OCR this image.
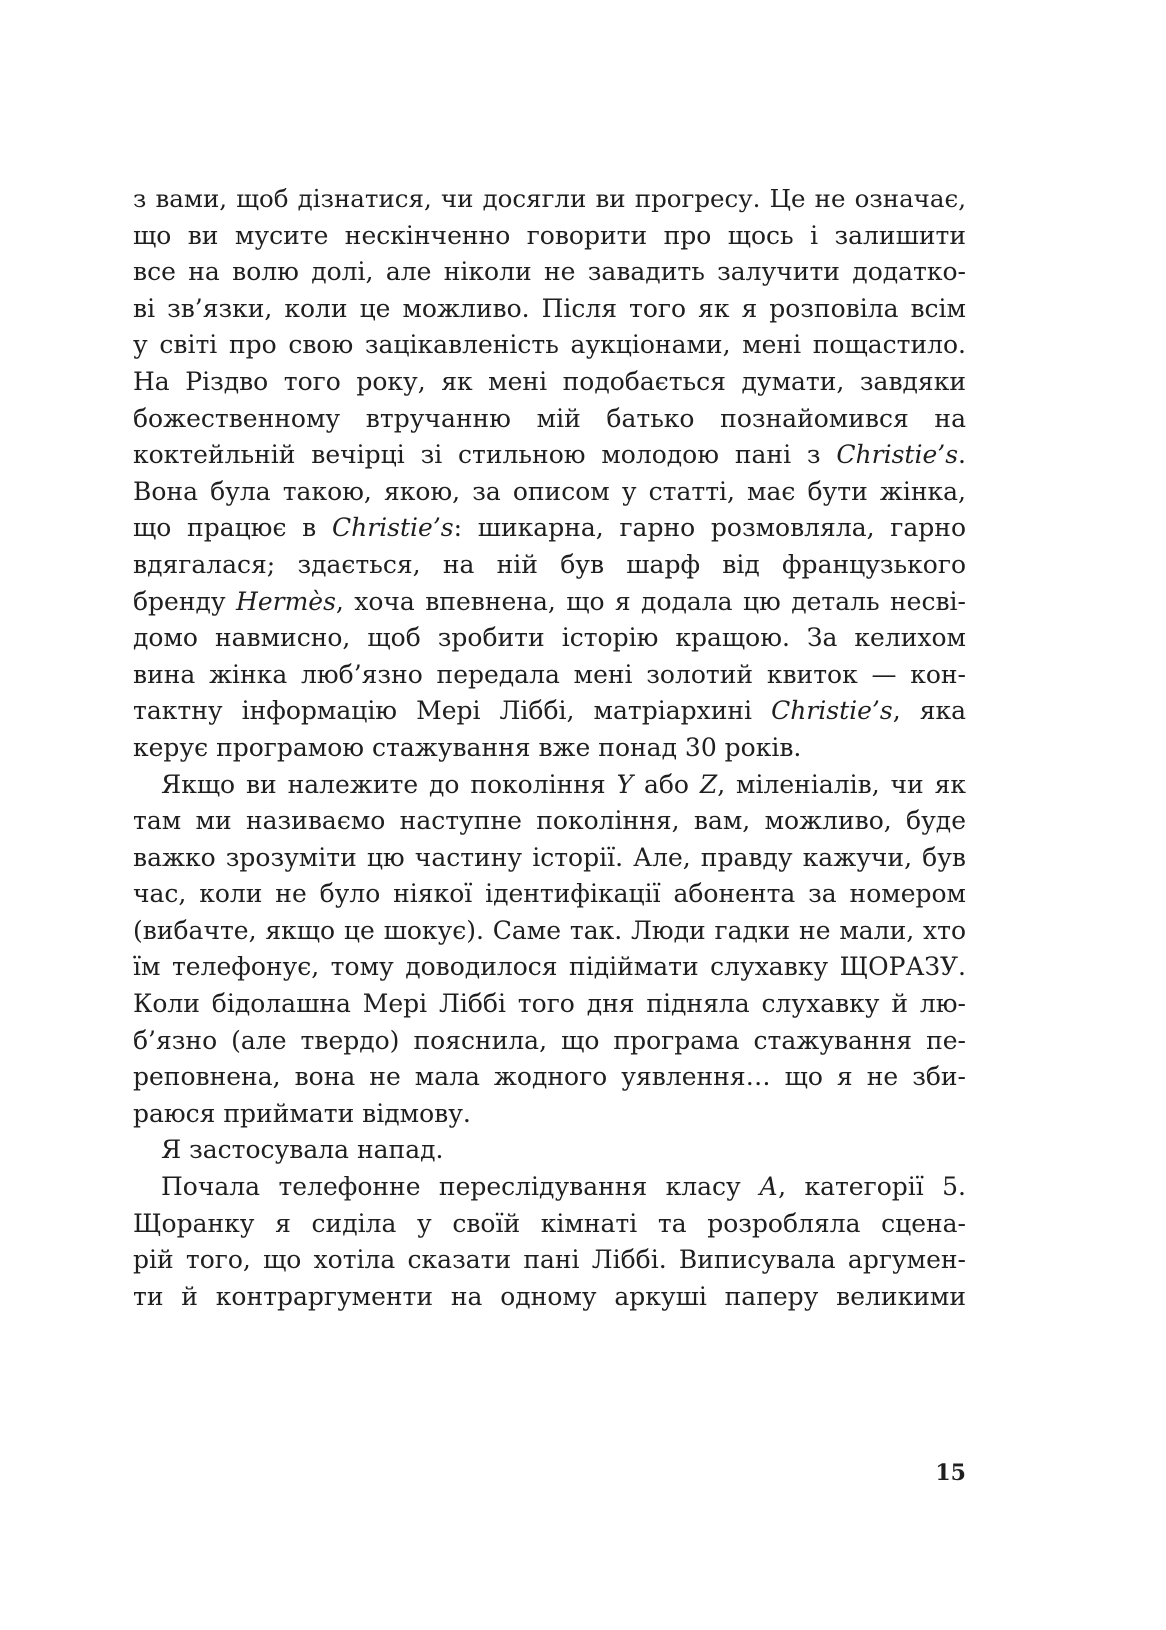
з вами, щоб дізнатися, чи досягли ви прогресу. Це не означає,
що ви мусите нескінченно говорити про щось і залишити
все на волю долі, але ніколи не завадить залучити додатко-
ві зв’язки, коли це можливо. Після того як я розповіла всім
у світі про свою зацікавленість аукціонами, мені пощастило.
На Різдво того року, як мені подобається думати, завдяки
божественному втручанню мій батько познайомився на
коктейльній вечірці зі стильною молодою пані з Christie’s.
Вона була такою, якою, за описом у статті, має бути жінка,
що працює в Christie’s: шикарна, гарно розмовляла, гарно
вдягалася; здається, на ній був шарф від французького
бренду Hermès, хоча впевнена, що я додала цю деталь несві-
домо навмисно, щоб зробити історію кращою. За келихом
вина жінка люб’язно передала мені золотий квиток — кон-
тактну інформацію Мері Ліббі, матріархині Christie’s, яка
керує програмою стажування вже понад 30 років.
Якщо ви належите до покоління Y або Z, міленіалів, чи як
там ми називаємо наступне покоління, вам, можливо, буде
важко зрозуміти цю частину історії. Але, правду кажучи, був
час, коли не було ніякої ідентифікації абонента за номером
(вибачте, якщо це шокує). Саме так. Люди гадки не мали, хто
їм телефонує, тому доводилося підіймати слухавку ЩОРАЗУ.
Коли бідолашна Мері Ліббі того дня підняла слухавку й лю-
б’язно (але твердо) пояснила, що програма стажування пе-
реповнена, вона не мала жодного уявлення… що я не зби-
раюся приймати відмову.
Я застосувала напад.
Почала телефонне переслідування класу А, категорії 5.
Щоранку я сиділа у своїй кімнаті та розробляла сцена-
рій того, що хотіла сказати пані Ліббі. Виписувала аргумен-
ти й контраргументи на одному аркуші паперу великими
15
